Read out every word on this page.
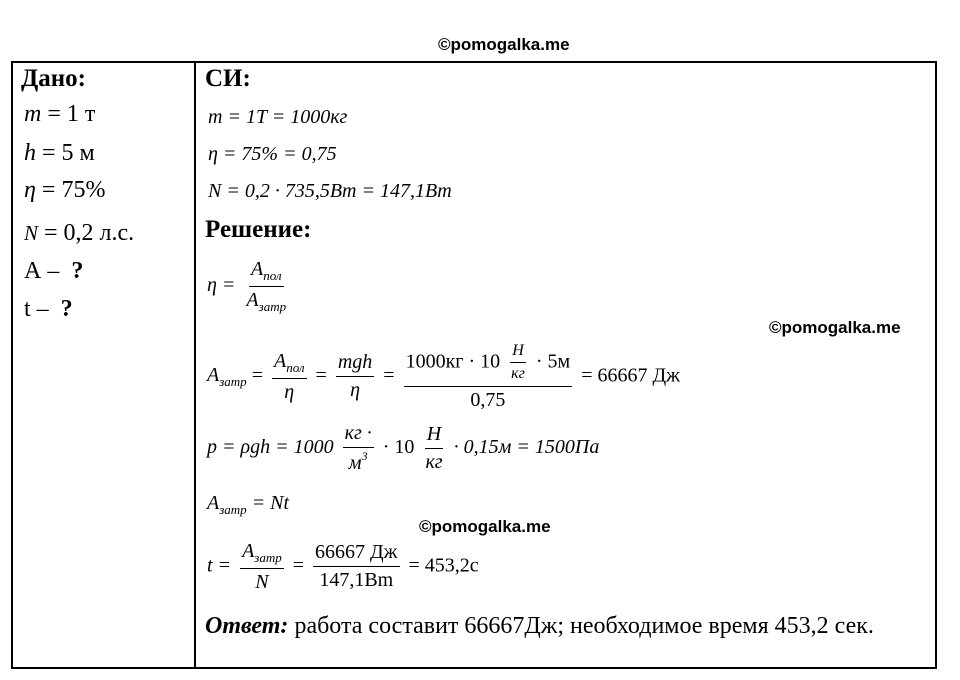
©pomogalka.me
©pomogalka.me
©pomogalka.me
Дано:
m = 1 т
h = 5 м
η = 75%
N = 0,2 л.с.
А – ?
t – ?
СИ:
m = 1T = 1000кг
η = 75% = 0,75
N = 0,2 · 735,5Bm = 147,1Bm
Решение:
$\eta = \frac{A_{пол}}{A_{затр}}$
$A_{затр} = \frac{A_{пол}}{\eta} = \frac{\text{mgh}}{\eta} = \frac{1000кг \cdot 10 \frac{H}{кг} \cdot 5м}{0,75} = 66667$ Дж
$p = \rho gh = 1000 \frac{кг \cdot}{м^3} \cdot 10 \frac{H}{кг} \cdot 0,15м = 1500Па$
$A_{затр} = Nt$
$t = \frac{A_{затр}}{N} = \frac{66667 Дж}{147,1Bm} = 453,2c$
Ответ: работа составит 66667Дж; необходимое время 453,2 сек.
